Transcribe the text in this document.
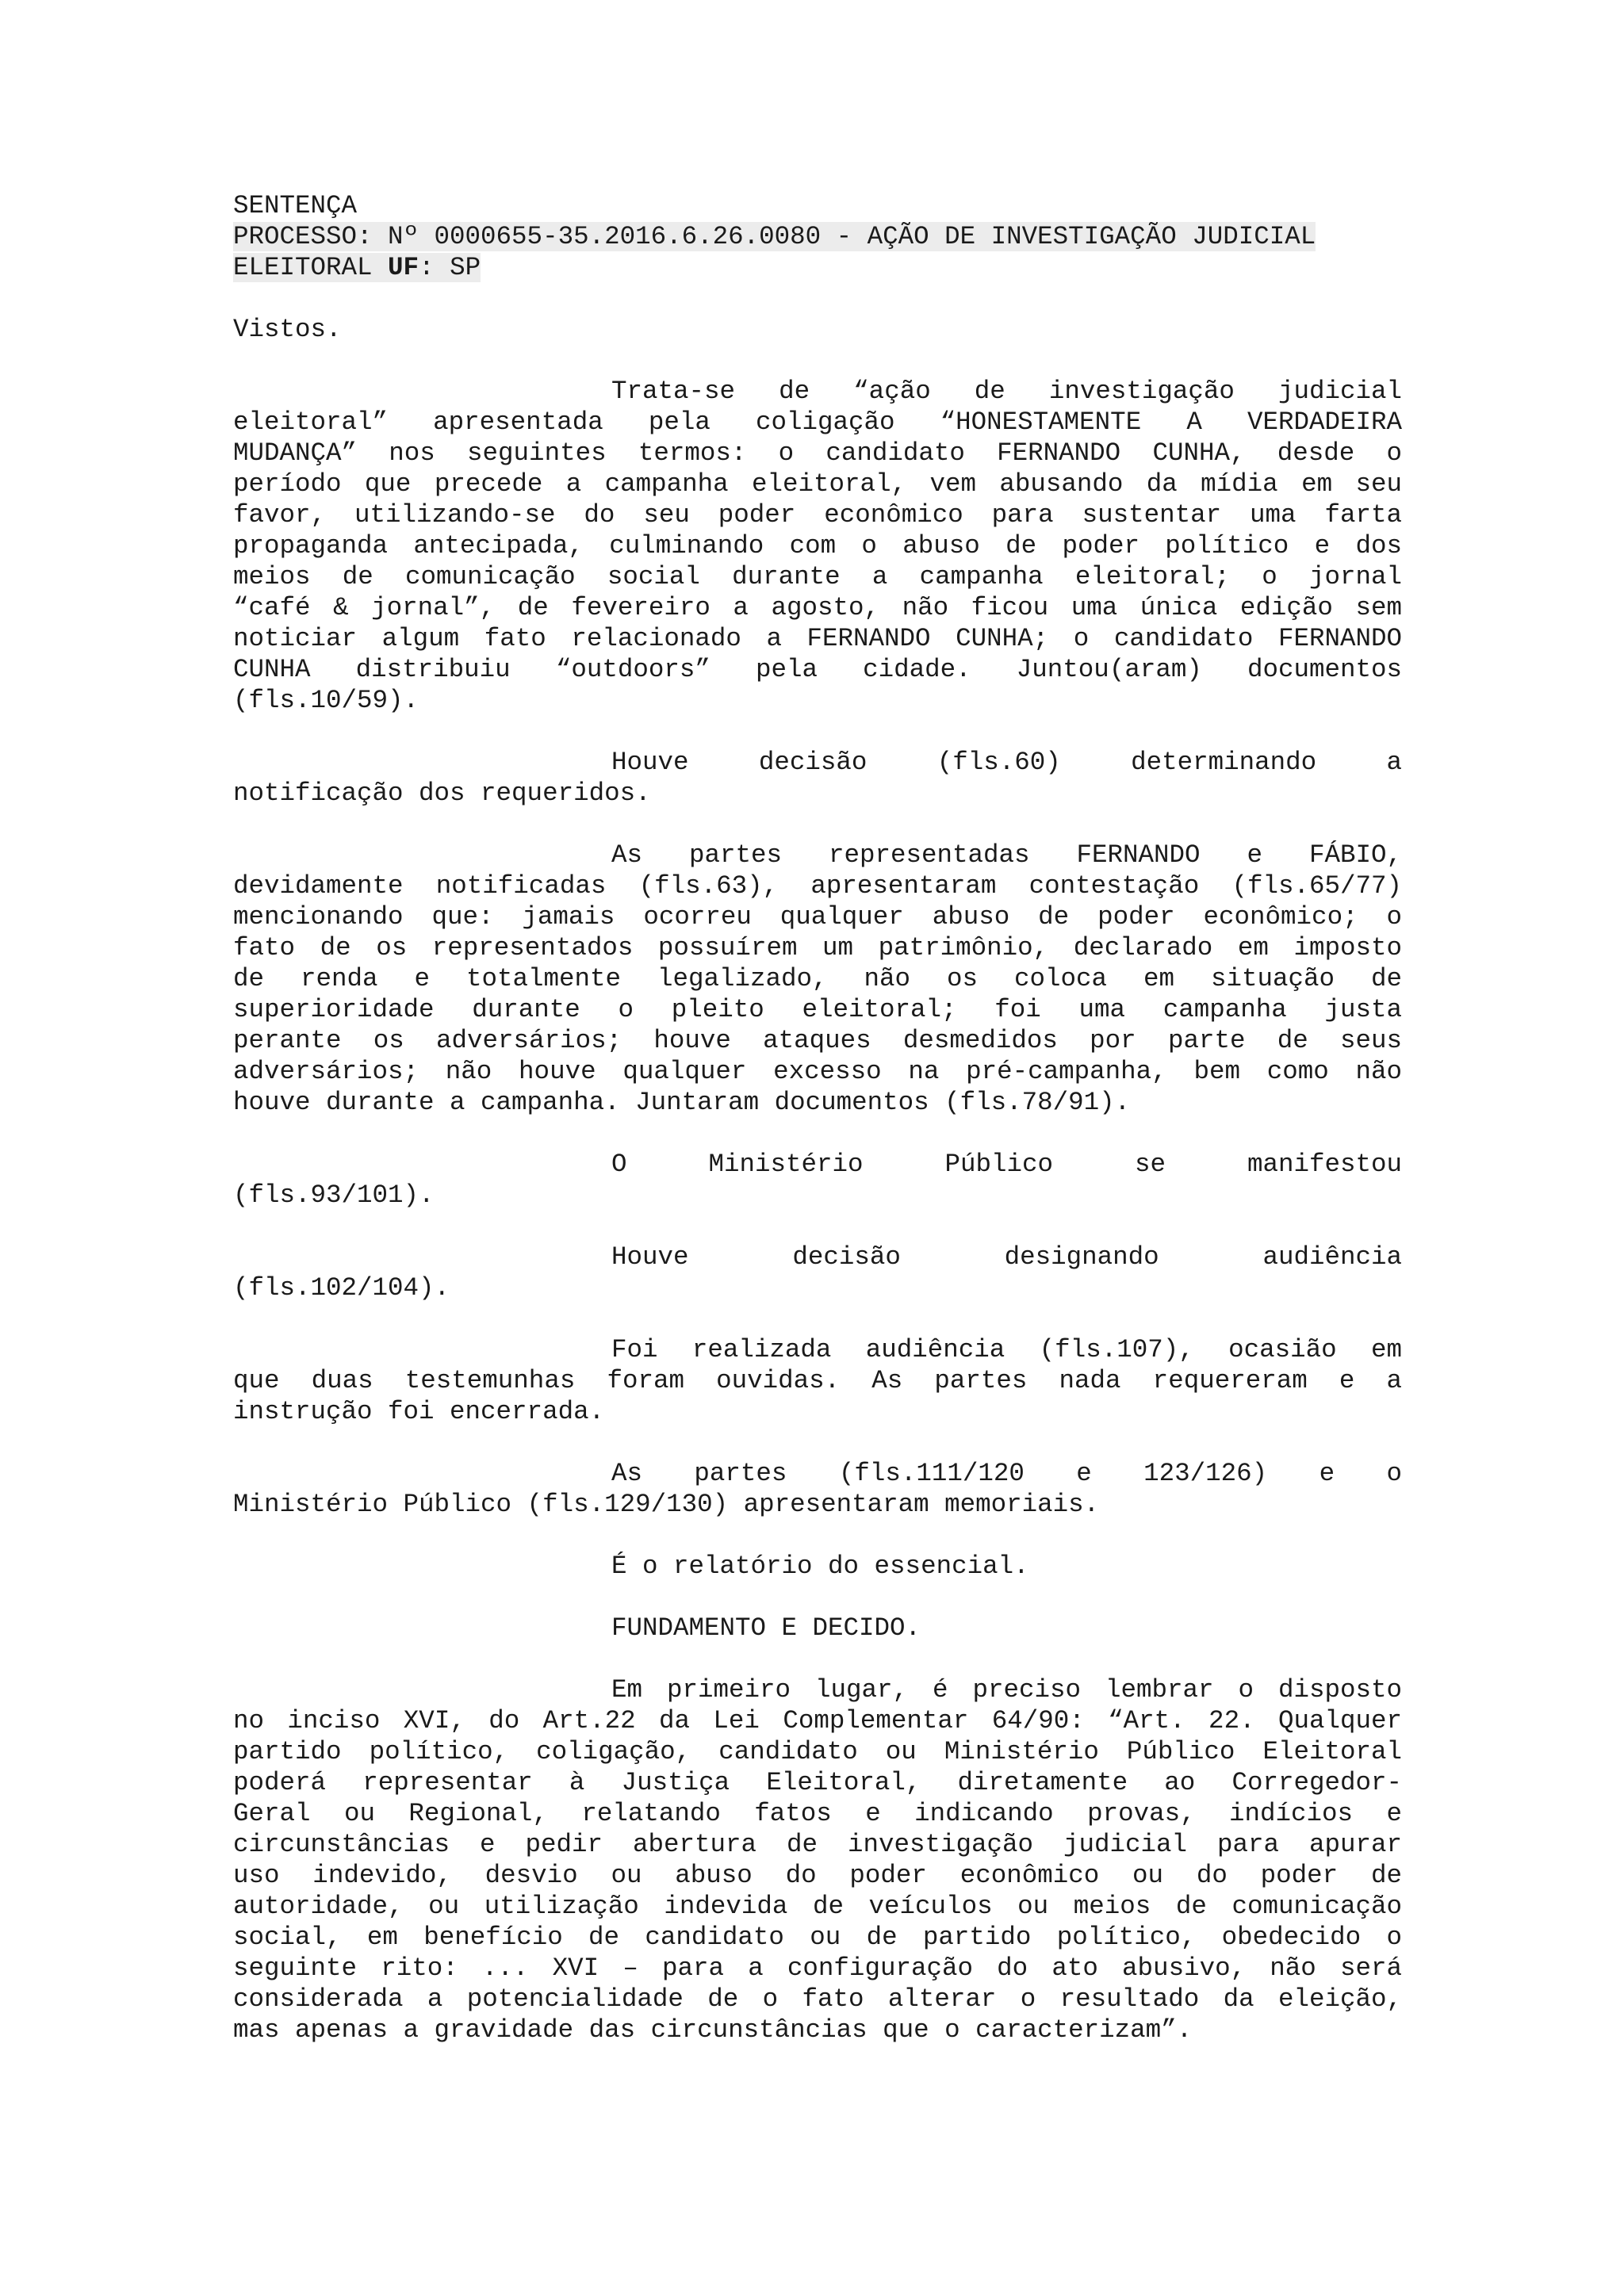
SENTENÇA
PROCESSO: Nº 0000655-35.2016.6.26.0080 - AÇÃO DE INVESTIGAÇÃO JUDICIAL
ELEITORAL UF: SP
Vistos.
Trata-se de “ação de investigação judicial
eleitoral” apresentada pela coligação “HONESTAMENTE A VERDADEIRA
MUDANÇA” nos seguintes termos: o candidato FERNANDO CUNHA, desde o
período que precede a campanha eleitoral, vem abusando da mídia em seu
favor, utilizando-se do seu poder econômico para sustentar uma farta
propaganda antecipada, culminando com o abuso de poder político e dos
meios de comunicação social durante a campanha eleitoral; o jornal
“café & jornal”, de fevereiro a agosto, não ficou uma única edição sem
noticiar algum fato relacionado a FERNANDO CUNHA; o candidato FERNANDO
CUNHA distribuiu “outdoors” pela cidade. Juntou(aram) documentos
(fls.10/59).
Houve decisão (fls.60) determinando a
notificação dos requeridos.
As partes representadas FERNANDO e FÁBIO,
devidamente notificadas (fls.63), apresentaram contestação (fls.65/77)
mencionando que: jamais ocorreu qualquer abuso de poder econômico; o
fato de os representados possuírem um patrimônio, declarado em imposto
de renda e totalmente legalizado, não os coloca em situação de
superioridade durante o pleito eleitoral; foi uma campanha justa
perante os adversários; houve ataques desmedidos por parte de seus
adversários; não houve qualquer excesso na pré-campanha, bem como não
houve durante a campanha. Juntaram documentos (fls.78/91).
O Ministério Público se manifestou
(fls.93/101).
Houve decisão designando audiência
(fls.102/104).
Foi realizada audiência (fls.107), ocasião em
que duas testemunhas foram ouvidas. As partes nada requereram e a
instrução foi encerrada.
As partes (fls.111/120 e 123/126) e o
Ministério Público (fls.129/130) apresentaram memoriais.
É o relatório do essencial.
FUNDAMENTO E DECIDO.
Em primeiro lugar, é preciso lembrar o disposto
no inciso XVI, do Art.22 da Lei Complementar 64/90: “Art. 22. Qualquer
partido político, coligação, candidato ou Ministério Público Eleitoral
poderá representar à Justiça Eleitoral, diretamente ao Corregedor-
Geral ou Regional, relatando fatos e indicando provas, indícios e
circunstâncias e pedir abertura de investigação judicial para apurar
uso indevido, desvio ou abuso do poder econômico ou do poder de
autoridade, ou utilização indevida de veículos ou meios de comunicação
social, em benefício de candidato ou de partido político, obedecido o
seguinte rito: ... XVI – para a configuração do ato abusivo, não será
considerada a potencialidade de o fato alterar o resultado da eleição,
mas apenas a gravidade das circunstâncias que o caracterizam”.
